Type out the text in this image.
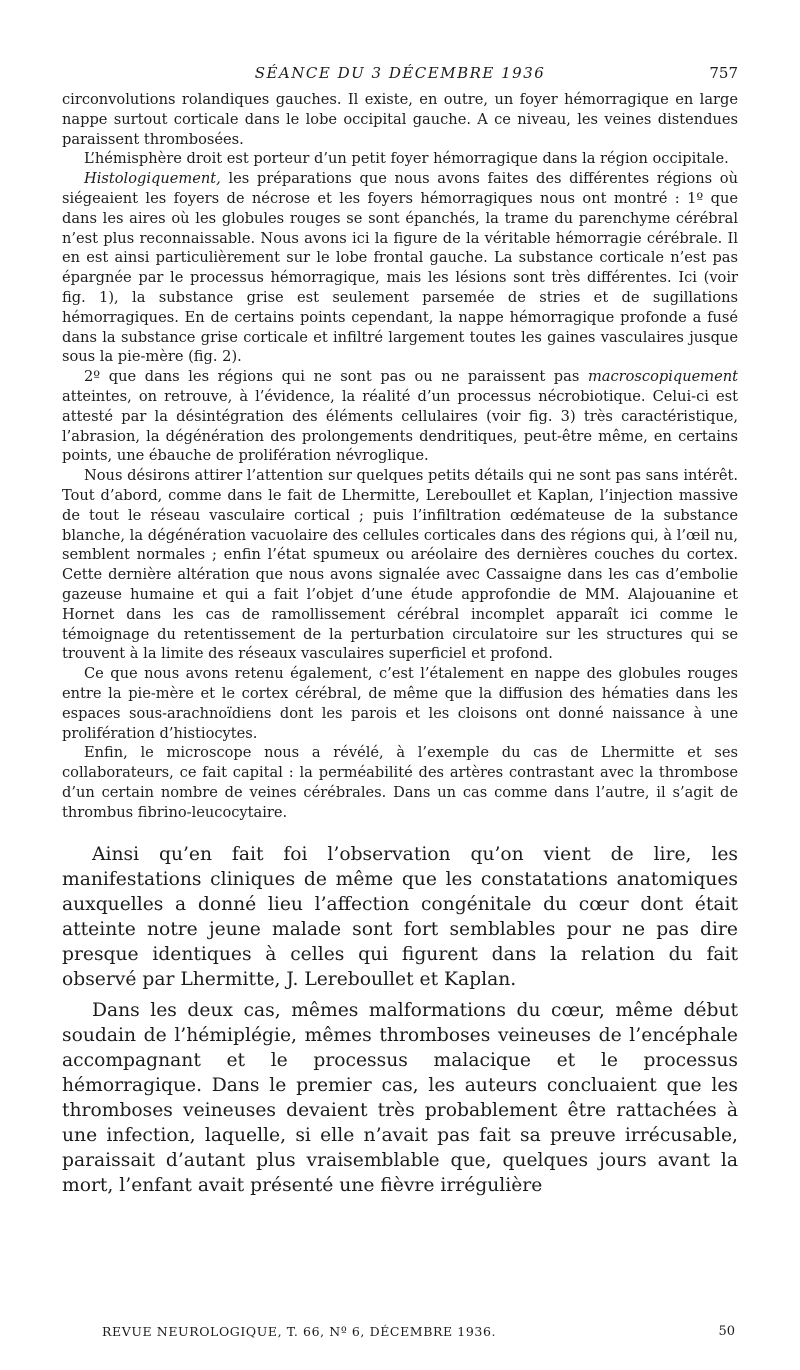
SÉANCE DU 3 DÉCEMBRE 1936	757

circonvolutions rolandiques gauches. Il existe, en outre, un foyer hémorragique en large nappe surtout corticale dans le lobe occipital gauche. A ce niveau, les veines distendues paraissent thrombosées.

L’hémisphère droit est porteur d’un petit foyer hémorragique dans la région occipitale.

Histologiquement, les préparations que nous avons faites des différentes régions où siégeaient les foyers de nécrose et les foyers hémorragiques nous ont montré : 1º que dans les aires où les globules rouges se sont épanchés, la trame du parenchyme cérébral n’est plus reconnaissable. Nous avons ici la figure de la véritable hémorragie cérébrale. Il en est ainsi particulièrement sur le lobe frontal gauche. La substance corticale n’est pas épargnée par le processus hémorragique, mais les lésions sont très différentes. Ici (voir fig. 1), la substance grise est seulement parsemée de stries et de sugillations hémorragiques. En de certains points cependant, la nappe hémorragique profonde a fusé dans la substance grise corticale et infiltré largement toutes les gaines vasculaires jusque sous la pie-mère (fig. 2).

2º que dans les régions qui ne sont pas ou ne paraissent pas macroscopiquement atteintes, on retrouve, à l’évidence, la réalité d’un processus nécrobiotique. Celui-ci est attesté par la désintégration des éléments cellulaires (voir fig. 3) très caractéristique, l’abrasion, la dégénération des prolongements dendritiques, peut-être même, en certains points, une ébauche de prolifération névroglique.

Nous désirons attirer l’attention sur quelques petits détails qui ne sont pas sans intérêt. Tout d’abord, comme dans le fait de Lhermitte, Lereboullet et Kaplan, l’injection massive de tout le réseau vasculaire cortical ; puis l’infiltration œdémateuse de la substance blanche, la dégénération vacuolaire des cellules corticales dans des régions qui, à l’œil nu, semblent normales ; enfin l’état spumeux ou aréolaire des dernières couches du cortex. Cette dernière altération que nous avons signalée avec Cassaigne dans les cas d’embolie gazeuse humaine et qui a fait l’objet d’une étude approfondie de MM. Alajouanine et Hornet dans les cas de ramollissement cérébral incomplet apparaît ici comme le témoignage du retentissement de la perturbation circulatoire sur les structures qui se trouvent à la limite des réseaux vasculaires superficiel et profond.

Ce que nous avons retenu également, c’est l’étalement en nappe des globules rouges entre la pie-mère et le cortex cérébral, de même que la diffusion des hématies dans les espaces sous-arachnoïdiens dont les parois et les cloisons ont donné naissance à une prolifération d’histiocytes.

Enfin, le microscope nous a révélé, à l’exemple du cas de Lhermitte et ses collaborateurs, ce fait capital : la perméabilité des artères contrastant avec la thrombose d’un certain nombre de veines cérébrales. Dans un cas comme dans l’autre, il s’agit de thrombus fibrino-leucocytaire.

Ainsi qu’en fait foi l’observation qu’on vient de lire, les manifestations cliniques de même que les constatations anatomiques auxquelles a donné lieu l’affection congénitale du cœur dont était atteinte notre jeune malade sont fort semblables pour ne pas dire presque identiques à celles qui figurent dans la relation du fait observé par Lhermitte, J. Lereboullet et Kaplan.

Dans les deux cas, mêmes malformations du cœur, même début soudain de l’hémiplégie, mêmes thromboses veineuses de l’encéphale accompagnant et le processus malacique et le processus hémorragique. Dans le premier cas, les auteurs concluaient que les thromboses veineuses devaient très probablement être rattachées à une infection, laquelle, si elle n’avait pas fait sa preuve irrécusable, paraissait d’autant plus vraisemblable que, quelques jours avant la mort, l’enfant avait présenté une fièvre irrégulière

REVUE NEUROLOGIQUE, T. 66, Nº 6, DÉCEMBRE 1936.	50
